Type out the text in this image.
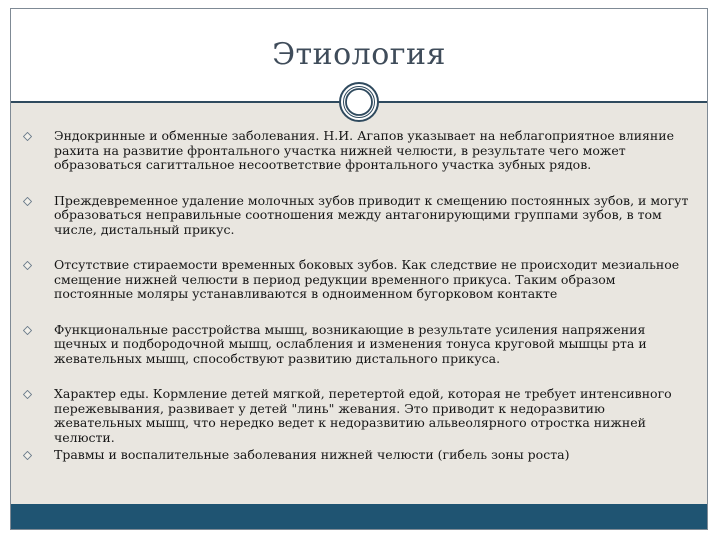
Этиология
Эндокринные и обменные заболевания. Н.И. Агапов указывает на неблагоприятное влияние рахита на развитие фронтального участка нижней челюсти, в результате чего может образоваться сагиттальное несоответствие фронтального участка зубных рядов.
Преждевременное удаление молочных зубов приводит к смещению постоянных зубов, и могут образоваться неправильные соотношения между антагонирующими группами зубов, в том числе, дистальный прикус.
Отсутствие стираемости временных боковых зубов. Как следствие не происходит мезиальное смещение нижней челюсти в период редукции временного прикуса. Таким образом постоянные моляры устанавливаются в одноименном бугорковом контакте
Функциональные расстройства мышц, возникающие в результате усиления напряжения щечных и подбородочной мышц, ослабления и изменения тонуса круговой мышцы рта и жевательных мышц, способствуют развитию дистального прикуса.
Характер еды. Кормление детей мягкой, перетертой едой, которая не требует интенсивного пережевывания, развивает у детей "линь" жевания. Это приводит к недоразвитию жевательных мышц, что нередко ведет к недоразвитию альвеолярного отростка нижней челюсти.
Травмы и воспалительные заболевания нижней челюсти (гибель зоны роста)
